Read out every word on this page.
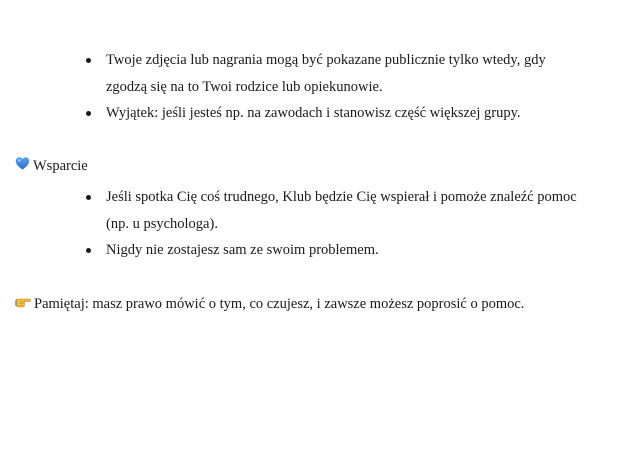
Twoje zdjęcia lub nagrania mogą być pokazane publicznie tylko wtedy, gdy zgodzą się na to Twoi rodzice lub opiekunowie.
Wyjątek: jeśli jesteś np. na zawodach i stanowisz część większej grupy.
Wsparcie
Jeśli spotka Cię coś trudnego, Klub będzie Cię wspierał i pomoże znaleźć pomoc (np. u psychologa).
Nigdy nie zostajesz sam ze swoim problemem.
Pamiętaj: masz prawo mówić o tym, co czujesz, i zawsze możesz poprosić o pomoc.
